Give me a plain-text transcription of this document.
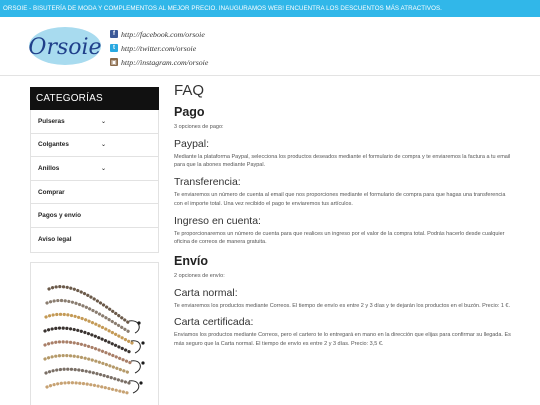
ORSOIE - BISUTERÍA DE MODA Y COMPLEMENTOS AL MEJOR PRECIO. INAUGURAMOS WEB! ENCUENTRA LOS DESCUENTOS MÁS ATRACTIVOS.
Orsoie
f http://facebook.com/orsoie
t http://twitter.com/orsoie
▣ http://instagram.com/orsoie
CATEGORÍAS
Pulseras	⌄
Colgantes	⌄
Anillos	⌄
Comprar
Pagos y envío
Aviso legal
FAQ
Pago
3 opciones de pago:
Paypal:
Mediante la plataforma Paypal, selecciona los productos deseados mediante el formulario de compra y te enviaremos la factura a tu email para que la abones mediante Paypal.
Transferencia:
Te enviaremos un número de cuenta al email que nos proporciones mediante el formulario de compra para que hagas una transferencia con el importe total. Una vez recibido el pago te enviaremos tus artículos.
Ingreso en cuenta:
Te proporcionaremos un número de cuenta para que realices un ingreso por el valor de la compra total. Podrás hacerlo desde cualquier oficina de correos de manera gratuita.
Envío
2 opciones de envío:
Carta normal:
Te enviaremos los productos mediante Correos. El tiempo de envío es entre 2 y 3 días y te dejarán los productos en el buzón. Precio: 1 €.
Carta certificada:
Enviamos los productos mediante Correos, pero el cartero te lo entregará en mano en la dirección que elijas para confirmar su llegada. Es más seguro que la Carta normal. El tiempo de envío es entre 2 y 3 días. Precio: 3,5 €.
